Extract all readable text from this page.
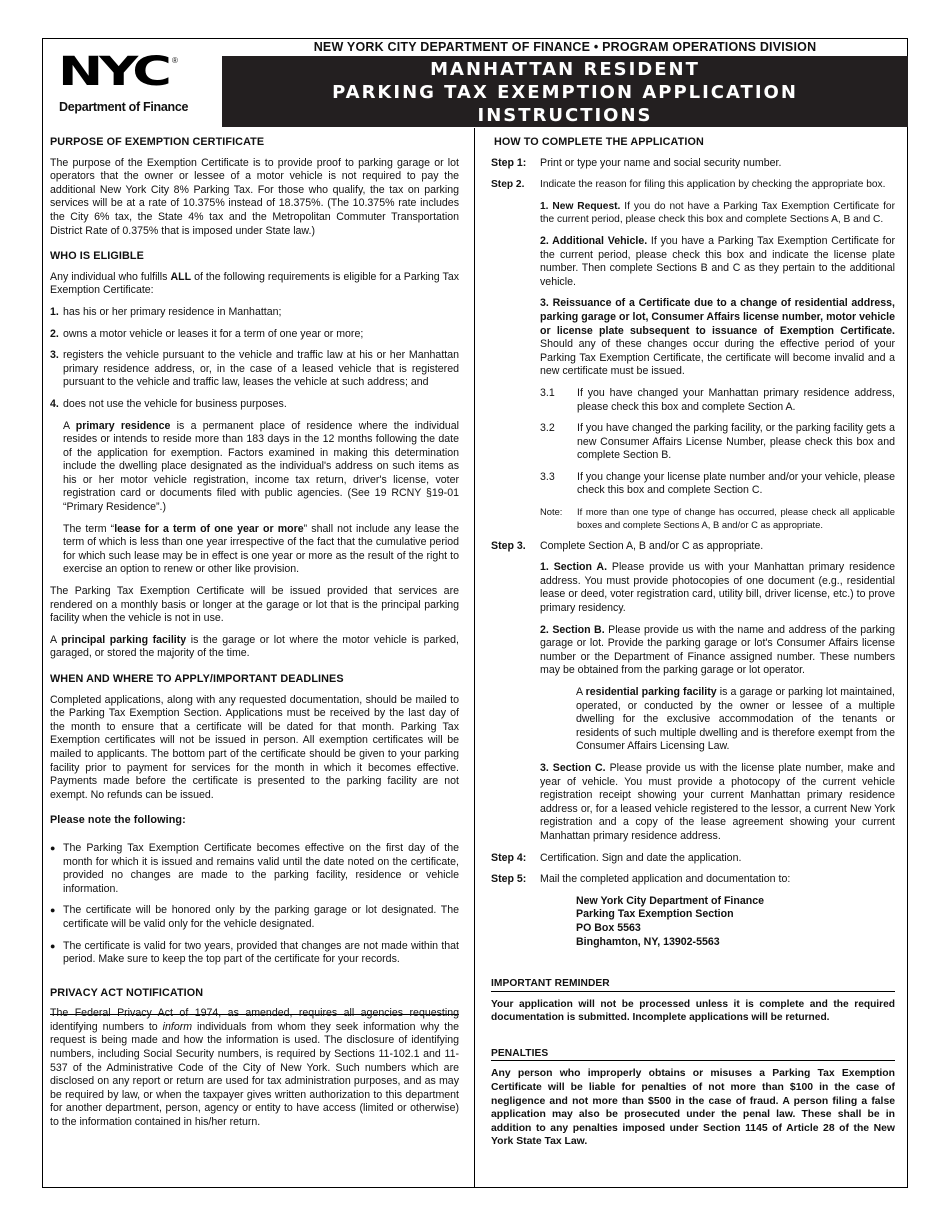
NYC ®
Department of Finance
NEW YORK CITY DEPARTMENT OF FINANCE • PROGRAM OPERATIONS DIVISION
MANHATTAN RESIDENT
PARKING TAX EXEMPTION APPLICATION
INSTRUCTIONS
PURPOSE OF EXEMPTION CERTIFICATE

The purpose of the Exemption Certificate is to provide proof to parking garage or lot operators that the owner or lessee of a motor vehicle is not required to pay the additional New York City 8% Parking Tax. For those who qualify, the tax on parking services will be at a rate of 10.375% instead of 18.375%. (The 10.375% rate includes the City 6% tax, the State 4% tax and the Metropolitan Commuter Transportation District Rate of 0.375% that is imposed under State law.)

WHO IS ELIGIBLE

Any individual who fulfills ALL of the following requirements is eligible for a Parking Tax Exemption Certificate:

1. has his or her primary residence in Manhattan;
2. owns a motor vehicle or leases it for a term of one year or more;
3. registers the vehicle pursuant to the vehicle and traffic law at his or her Manhattan primary residence address, or, in the case of a leased vehicle that is registered pursuant to the vehicle and traffic law, leases the vehicle at such address; and
4. does not use the vehicle for business purposes.

A primary residence is a permanent place of residence where the individual resides or intends to reside more than 183 days in the 12 months following the date of the application for exemption. Factors examined in making this determination include the dwelling place designated as the individual's address on such items as his or her motor vehicle registration, income tax return, driver's license, voter registration card or documents filed with public agencies. (See 19 RCNY §19-01 “Primary Residence”.)

The term “lease for a term of one year or more” shall not include any lease the term of which is less than one year irrespective of the fact that the cumulative period for which such lease may be in effect is one year or more as the result of the right to exercise an option to renew or other like provision.

The Parking Tax Exemption Certificate will be issued provided that services are rendered on a monthly basis or longer at the garage or lot that is the principal parking facility when the vehicle is not in use.

A principal parking facility is the garage or lot where the motor vehicle is parked, garaged, or stored the majority of the time.

WHEN AND WHERE TO APPLY/IMPORTANT DEADLINES

Completed applications, along with any requested documentation, should be mailed to the Parking Tax Exemption Section. Applications must be received by the last day of the month to ensure that a certificate will be dated for that month. Parking Tax Exemption certificates will not be issued in person. All exemption certificates will be mailed to applicants. The bottom part of the certificate should be given to your parking facility prior to payment for services for the month in which it becomes effective. Payments made before the certificate is presented to the parking facility are not exempt. No refunds can be issued.

Please note the following:
● The Parking Tax Exemption Certificate becomes effective on the first day of the month for which it is issued and remains valid until the date noted on the certificate, provided no changes are made to the parking facility, residence or vehicle information.
● The certificate will be honored only by the parking garage or lot designated. The certificate will be valid only for the vehicle designated.
● The certificate is valid for two years, provided that changes are not made within that period. Make sure to keep the top part of the certificate for your records.
PRIVACY ACT NOTIFICATION

The Federal Privacy Act of 1974, as amended, requires all agencies requesting identifying numbers to inform individuals from whom they seek information why the request is being made and how the information is used. The disclosure of identifying numbers, including Social Security numbers, is required by Sections 11-102.1 and 11-537 of the Administrative Code of the City of New York. Such numbers which are disclosed on any report or return are used for tax administration purposes, and as may be required by law, or when the taxpayer gives written authorization to this department for another department, person, agency or entity to have access (limited or otherwise) to the information contained in his/her return.

HOW TO COMPLETE THE APPLICATION
Step 1:	Print or type your name and social security number.
Step 2.	Indicate the reason for filing this application by checking the appropriate box.

1. New Request. If you do not have a Parking Tax Exemption Certificate for the current period, please check this box and complete Sections A, B and C.

2. Additional Vehicle. If you have a Parking Tax Exemption Certificate for the current period, please check this box and indicate the license plate number. Then complete Sections B and C as they pertain to the additional vehicle.

3. Reissuance of a Certificate due to a change of residential address, parking garage or lot, Consumer Affairs license number, motor vehicle or license plate subsequent to issuance of Exemption Certificate. Should any of these changes occur during the effective period of your Parking Tax Exemption Certificate, the certificate will become invalid and a new certificate must be issued.

3.1	If you have changed your Manhattan primary residence address, please check this box and complete Section A.
3.2	If you have changed the parking facility, or the parking facility gets a new Consumer Affairs License Number, please check this box and complete Section B.
3.3	If you change your license plate number and/or your vehicle, please check this box and complete Section C.
Note:	If more than one type of change has occurred, please check all applicable boxes and complete Sections A, B and/or C as appropriate.
Step 3.	Complete Section A, B and/or C as appropriate.

1. Section A. Please provide us with your Manhattan primary residence address. You must provide photocopies of one document (e.g., residential lease or deed, voter registration card, utility bill, driver license, etc.) to prove primary residency.

2. Section B. Please provide us with the name and address of the parking garage or lot. Provide the parking garage or lot's Consumer Affairs license number or the Department of Finance assigned number. These numbers may be obtained from the parking garage or lot operator.

A residential parking facility is a garage or parking lot maintained, operated, or conducted by the owner or lessee of a multiple dwelling for the exclusive accommodation of the tenants or residents of such multiple dwelling and is therefore exempt from the Consumer Affairs Licensing Law.

3. Section C. Please provide us with the license plate number, make and year of vehicle. You must provide a photocopy of the current vehicle registration receipt showing your current Manhattan primary residence address or, for a leased vehicle registered to the lessor, a current New York registration and a copy of the lease agreement showing your current Manhattan primary residence address.

Step 4:	Certification. Sign and date the application.
Step 5:	Mail the completed application and documentation to:
New York City Department of Finance
Parking Tax Exemption Section
PO Box 5563
Binghamton, NY, 13902-5563
IMPORTANT REMINDER

Your application will not be processed unless it is complete and the required documentation is submitted. Incomplete applications will be returned.

PENALTIES

Any person who improperly obtains or misuses a Parking Tax Exemption Certificate will be liable for penalties of not more than $100 in the case of negligence and not more than $500 in the case of fraud. A person filing a false application may also be prosecuted under the penal law. These shall be in addition to any penalties imposed under Section 1145 of Article 28 of the New York State Tax Law.
